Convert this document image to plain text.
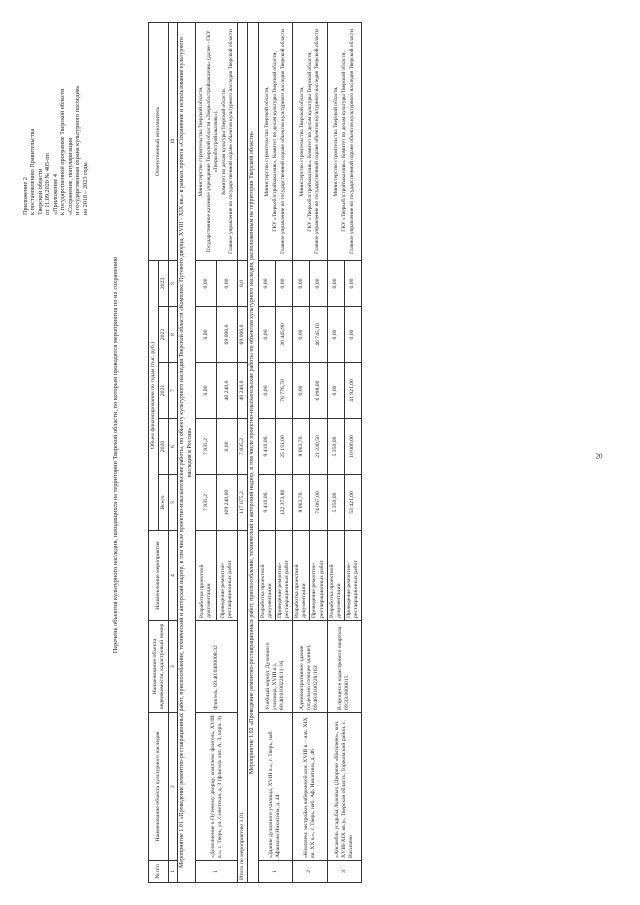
20
Приложение 2 к постановлению Правительства Тверской области от 11.09.2020 № 405-пп «Приложение 4 к государственной программе Тверской области «Сохранение, популяризация и государственная охрана культурного наследия» на 2018 – 2023 годы
Перечень объектов культурного наследия, находящихся на территории Тверской области, по которым проводятся мероприятия по их сохранению
№ п/п	Наименование объекта культурного наследия	Наименование объекта недвижимости, кадастровый номер	Наименование мероприятия	Объем финансирования по годам (тыс. руб.)					Ответственный исполнитель
				Всего	2020	2021	2022	2023	
1	2	3	4	5	6	7	8	9	10
Мероприятие 1.01 «Проведение ремонтно-реставрационных работ, приспособление, технический и авторский надзор, в том числе проектно-изыскательские работы, по объекту культурного наследия Тверской области «Комплекс Путевого дворца, XVIII - XIX вв.» в рамках проекта «Сохранение и использование культурного наследия в России»									
1	«Дополнение к Путевому дворцу, комплекс флигель, XVIII в.», г. Тверь, ул. Советская, д. 3 (флигель лит. А, 3, корп. 3)	Флигель, 69:40:0400008:32	Разработка проектной документации	7 835,2	7 835,2	0,00	0,00	0,00	Министерство строительства Тверской области, Государственное казенное учреждение Тверской области «Тверьоблстройзаказчик» (далее - ГКУ «Тверьоблстройзаказчик»), Комитет по делам культуры Тверской области, Главное управление по государственной охране объектов культурного наследия Тверской области

			Проведение ремонтно-реставрационных работ	109 240,00	0,00	40 240,0	69 000,0	0,00	
Итого по мероприятию 1.01				117 075,2	7 835,2	40 240,0	69 000,0	0,0	
Мероприятие 1.02 «Проведение ремонтно-реставрационных работ, приспособление, технический и авторский надзор, в том числе проектно-изыскательские работы по объектам культурного наследия, расположенным на территории Тверской области»									
1	«Здание духовного училища, XVIII в.», г. Тверь, наб. Афанасия Никитина, д. 44	Учебный корпус Духовного училища, XVIII в.), 69:40:0100228:11-16	Разработка проектной документации	9 410,00	9 410,00	0,00	0,00	0,00	Министерство строительства Тверской области, ГКУ «Тверьоблстройзаказчик», Комитет по делам культуры Тверской области, Главное управление по государственной охране объектов культурного наследия Тверской области

			Проведение ремонтно-реставрационных работ	132 373,80	25 151,00	76 776,70	30 445,90	0,00	
2	«Комплекс застройки набережной кон. XVIII в. - нач. XIX вв. XX в.», г. Тверь, наб. Аф. Никитина, д. 46	Административное здание (отдельно стоящее здание), 69:40:0100228:163	Разработка проектной документации	8 062,70	8 062,70	0,00	0,00	0,00	Министерство строительства Тверской области, ГКУ «Тверьоблстройзаказчик», Комитет по делам культуры Тверской области, Главное управление по государственной охране объектов культурного наследия Тверской области

			Проведение ремонтно-реставрационных работ	74 067,00	21 230,50	6 098,00	46 745,10	0,00	
3	«Ансамбль усадьбы Львовых (Дворяне «Василево», кон. XVIII-XIX вв.)», Тверская область, Торжокский район, с. Василево	В процессе кадастрового квартала 69:33:0000015	Разработка проектной документации	5 350,00	5 350,00	0,00	0,00	0,00	Министерство строительства Тверской области, ГКУ «Тверьоблстройзаказчик», Комитет по делам культуры Тверской области, Главное управление по государственной охране объектов культурного наследия Тверской области

			Проведение ремонтно-реставрационных работ	53 421,00	10 000,00	41 921,00	0,00	0,00	
